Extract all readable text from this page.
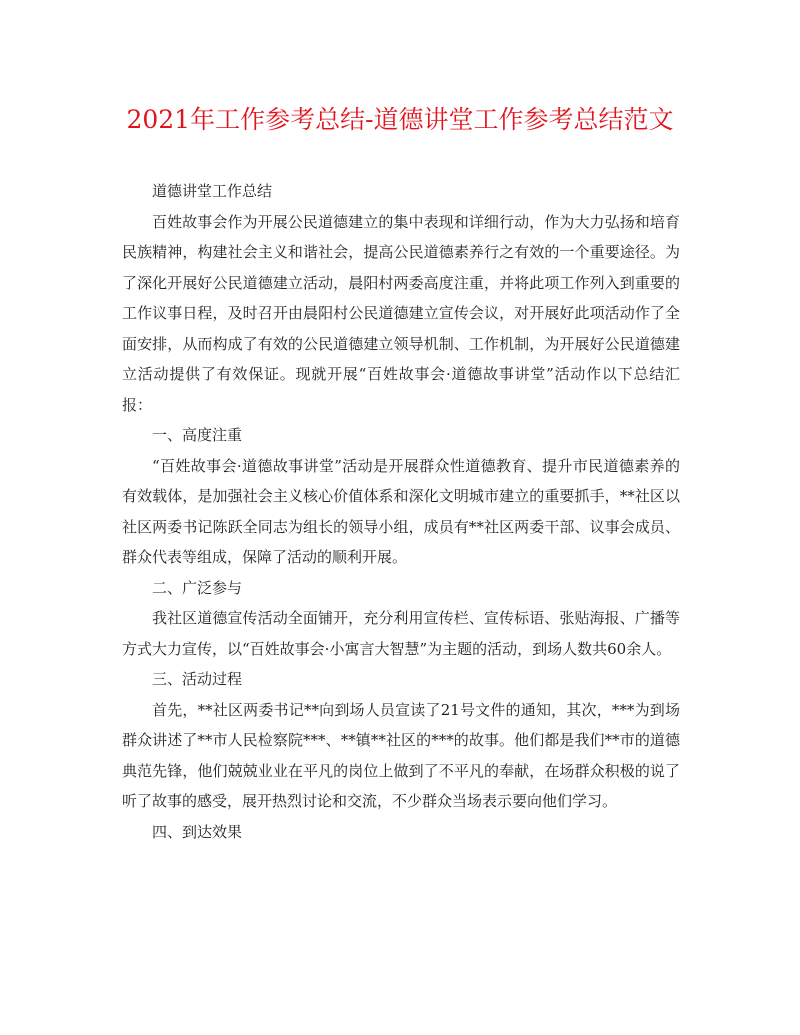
2021年工作参考总结-道德讲堂工作参考总结范文

道德讲堂工作总结

百姓故事会作为开展公民道德建立的集中表现和详细行动，作为大力弘扬和培育民族精神，构建社会主义和谐社会，提高公民道德素养行之有效的一个重要途径。为了深化开展好公民道德建立活动，晨阳村两委高度注重，并将此项工作列入到重要的工作议事日程，及时召开由晨阳村公民道德建立宣传会议，对开展好此项活动作了全面安排，从而构成了有效的公民道德建立领导机制、工作机制，为开展好公民道德建立活动提供了有效保证。现就开展“百姓故事会·道德故事讲堂”活动作以下总结汇报：

一、高度注重

“百姓故事会·道德故事讲堂”活动是开展群众性道德教育、提升市民道德素养的有效载体，是加强社会主义核心价值体系和深化文明城市建立的重要抓手，**社区以社区两委书记陈跃全同志为组长的领导小组，成员有**社区两委干部、议事会成员、群众代表等组成，保障了活动的顺利开展。

二、广泛参与

我社区道德宣传活动全面铺开，充分利用宣传栏、宣传标语、张贴海报、广播等方式大力宣传，以“百姓故事会·小寓言大智慧”为主题的活动，到场人数共60余人。

三、活动过程

首先，**社区两委书记**向到场人员宣读了21号文件的通知，其次，***为到场群众讲述了**市人民检察院***、**镇**社区的***的故事。他们都是我们**市的道德典范先锋，他们兢兢业业在平凡的岗位上做到了不平凡的奉献，在场群众积极的说了听了故事的感受，展开热烈讨论和交流，不少群众当场表示要向他们学习。

四、到达效果
